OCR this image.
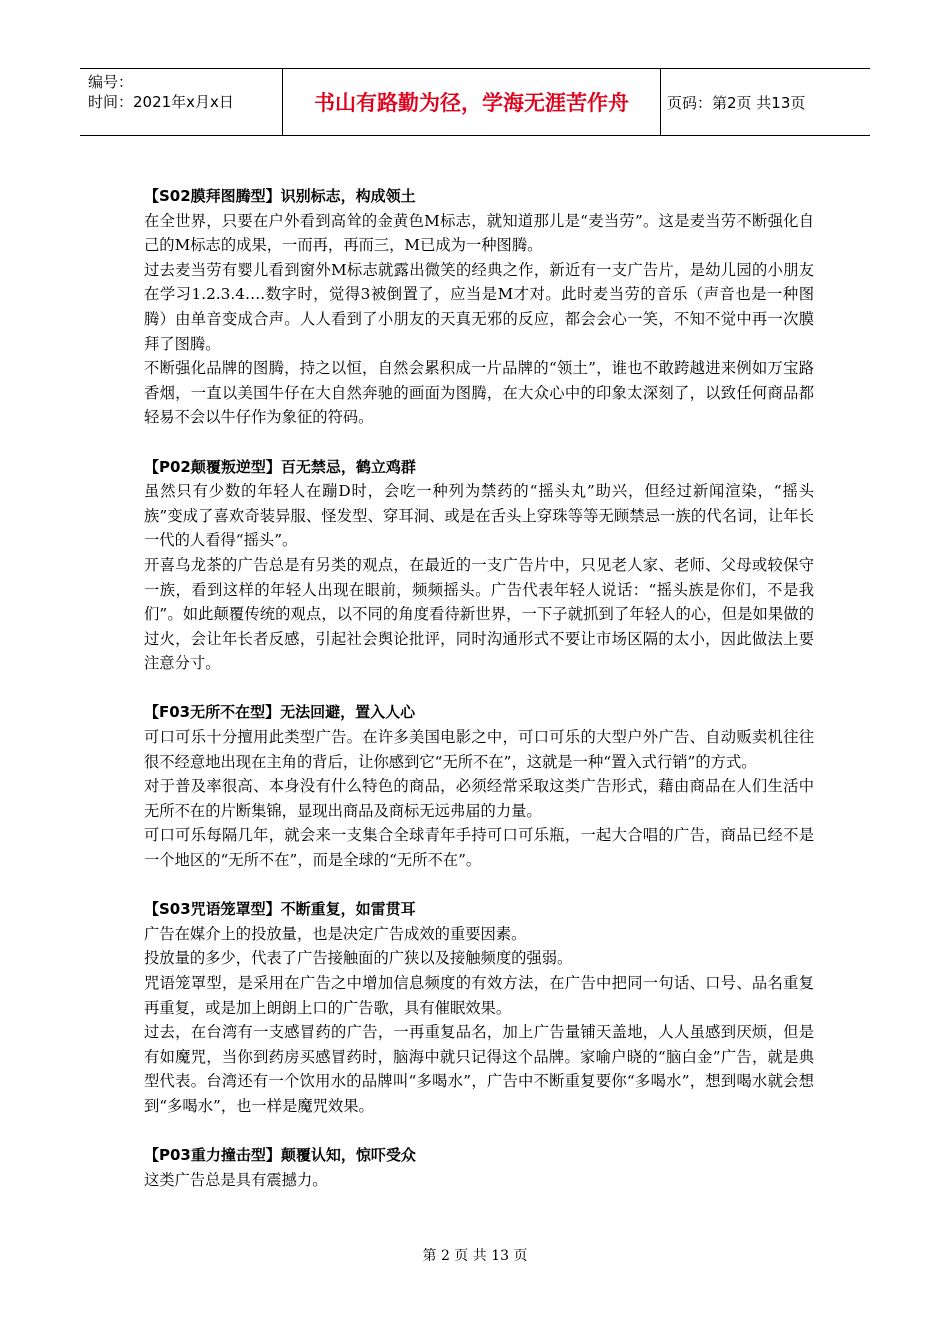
编号：
时间：2021年x月x日	书山有路勤为径，学海无涯苦作舟	页码：第2页 共13页
【S02膜拜图腾型】识别标志，构成领土

在全世界，只要在户外看到高耸的金黄色M标志，就知道那儿是“麦当劳”。这是麦当劳不断强化自己的M标志的成果，一而再，再而三，M已成为一种图腾。

过去麦当劳有婴儿看到窗外M标志就露出微笑的经典之作，新近有一支广告片，是幼儿园的小朋友在学习1.2.3.4….数字时，觉得3被倒置了，应当是M才对。此时麦当劳的音乐（声音也是一种图腾）由单音变成合声。人人看到了小朋友的天真无邪的反应，都会会心一笑，不知不觉中再一次膜拜了图腾。

不断强化品牌的图腾，持之以恒，自然会累积成一片品牌的“领土”，谁也不敢跨越进来例如万宝路香烟，一直以美国牛仔在大自然奔驰的画面为图腾，在大众心中的印象太深刻了，以致任何商品都轻易不会以牛仔作为象征的符码。

【P02颠覆叛逆型】百无禁忌，鹤立鸡群

虽然只有少数的年轻人在蹦D时，会吃一种列为禁药的“摇头丸”助兴，但经过新闻渲染，“摇头族”变成了喜欢奇装异服、怪发型、穿耳洞、或是在舌头上穿珠等等无顾禁忌一族的代名词，让年长一代的人看得“摇头”。

开喜乌龙茶的广告总是有另类的观点，在最近的一支广告片中，只见老人家、老师、父母或较保守一族，看到这样的年轻人出现在眼前，频频摇头。广告代表年轻人说话：“摇头族是你们，不是我们”。如此颠覆传统的观点，以不同的角度看待新世界，一下子就抓到了年轻人的心，但是如果做的过火，会让年长者反感，引起社会舆论批评，同时沟通形式不要让市场区隔的太小，因此做法上要注意分寸。

【F03无所不在型】无法回避，置入人心

可口可乐十分擅用此类型广告。在许多美国电影之中，可口可乐的大型户外广告、自动贩卖机往往很不经意地出现在主角的背后，让你感到它“无所不在”，这就是一种“置入式行销”的方式。

对于普及率很高、本身没有什么特色的商品，必须经常采取这类广告形式，藉由商品在人们生活中无所不在的片断集锦，显现出商品及商标无远弗届的力量。

可口可乐每隔几年，就会来一支集合全球青年手持可口可乐瓶，一起大合唱的广告，商品已经不是一个地区的“无所不在”，而是全球的“无所不在”。

【S03咒语笼罩型】不断重复，如雷贯耳

广告在媒介上的投放量，也是决定广告成效的重要因素。

投放量的多少，代表了广告接触面的广狭以及接触频度的强弱。

咒语笼罩型，是采用在广告之中增加信息频度的有效方法，在广告中把同一句话、口号、品名重复再重复，或是加上朗朗上口的广告歌，具有催眠效果。

过去，在台湾有一支感冒药的广告，一再重复品名，加上广告量铺天盖地，人人虽感到厌烦，但是有如魔咒，当你到药房买感冒药时，脑海中就只记得这个品牌。家喻户晓的“脑白金”广告，就是典型代表。台湾还有一个饮用水的品牌叫“多喝水”，广告中不断重复要你“多喝水”，想到喝水就会想到“多喝水”，也一样是魔咒效果。

【P03重力撞击型】颠覆认知，惊吓受众

这类广告总是具有震撼力。

第 2 页 共 13 页
